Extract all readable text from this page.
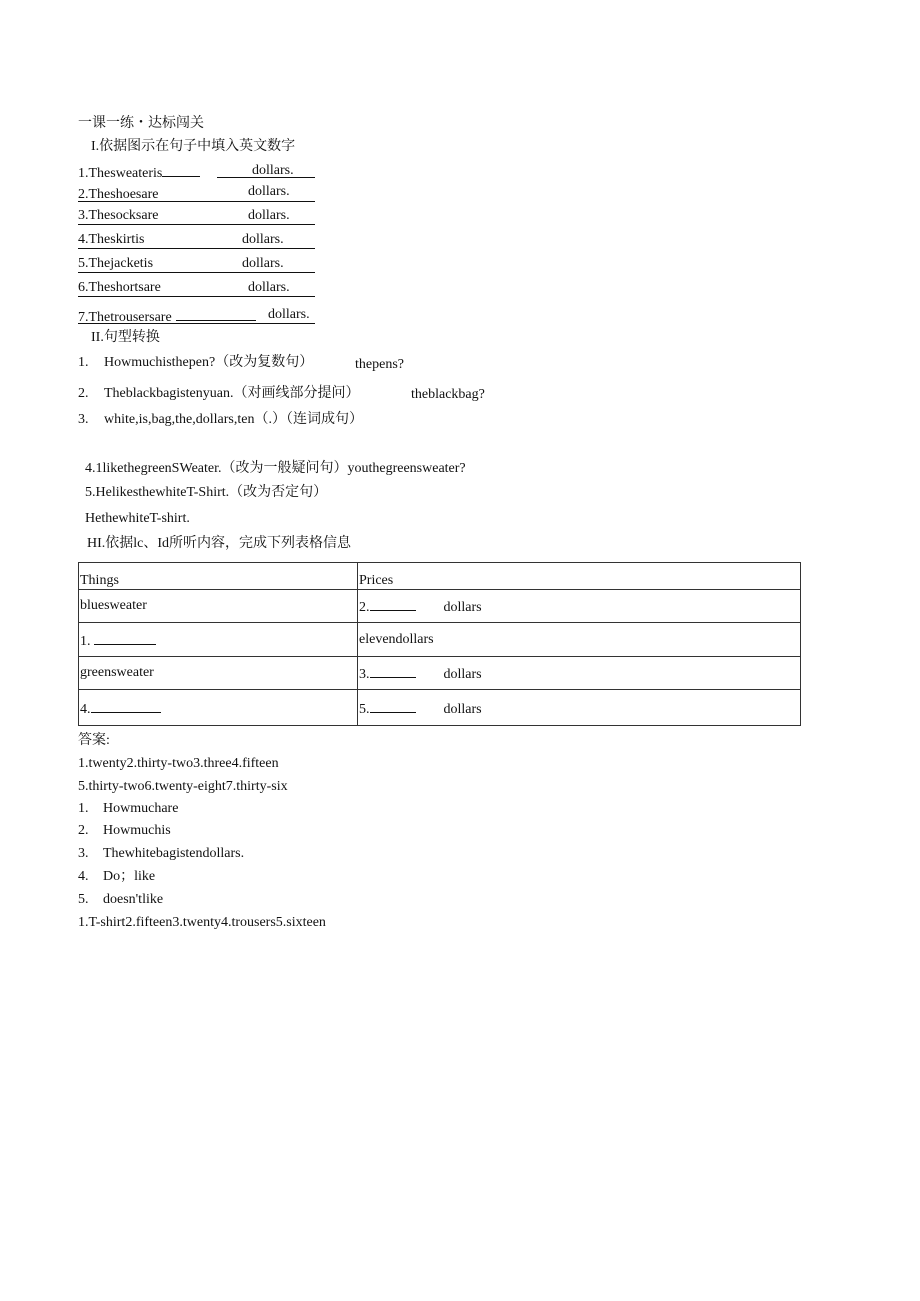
一课一练・达标闯关
I.依据图示在句子中填入英文数字
1.Thesweateris	dollars.
2.Theshoesare	dollars.
3.Thesocksare	dollars.
4.Theskirtis	dollars.
5.Thejacketis	dollars.
6.Theshortsare	dollars.
7.Thetrousersare	dollars.
II.句型转换
1. Howmuchisthepen?（改为复数句）	thepens?
2. Theblackbagistenyuan.（对画线部分提问）	theblackbag?
3. white,is,bag,the,dollars,ten（.）（连词成句）
4.1likethegreenSWeater.（改为一般疑问句）youthegreensweater?
5.HelikesthewhiteT-Shirt.（改为否定句）
HethewhiteT-shirt.
HI.依据lc、Id所听内容，完成下列表格信息
Things	Prices
bluesweater	2. dollars
1.	elevendollars
greensweater	3. dollars
4.	5. dollars
答案:
1.twenty2.thirty-two3.three4.fifteen
5.thirty-two6.twenty-eight7.thirty-six
1. Howmuchare
2. Howmuchis
3. Thewhitebagistendollars.
4. Do；like
5. doesn'tlike
1.T-shirt2.fifteen3.twenty4.trousers5.sixteen
